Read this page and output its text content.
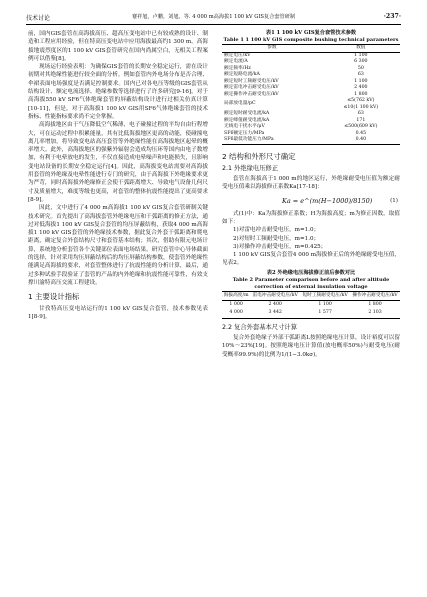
技术讨论	蹇祥旭，卢鹏，刘旭，等. 4 000 m高海拔1 100 kV GIS复合套管研制	·237·

前，国内GIS套管在高海拔高压、超高压变电站中已有较成熟的设计、制造和工程应用经验，但在特高压变电站中应用海拔最高约1 300 m。高海拔地震烈度区的1 100 kV GIS套管研究在国内尚属空白，无相关工程案例可以借鉴[8]。

现场运行经验表明：为确保GIS套管的长期安全稳定运行，需在设计初期对其绝缘性能进行较全面的分析。例如套管内外电场分布是否合理、伞裙表面电场强度是否满足控制要求。国内已对各电压等级的GIS套管从结构设计、额定电流选择、绝缘参数等选择进行了许多研究[9-16]，对于高海拔550 kV SF6气体绝缘套管的屏蔽结构设计进行过相关仿真计算[10-11]，但是，对于高海拔1 100 kV GIS用SF6气体绝缘套管的技术指标、性能指标要求尚不完全掌握。

高海拔地区由于气压降低空气稀薄，电子碰撞过程的平均自由行程增大，可在运动过程中积累能量，其有比低海拔地区更高的动能，使碰撞电离几率增加，将导致变电站高压套管等外绝缘性能在高海拔地区起晕的概率增大。此外，高海拔地区的强紫外辐射会造成均压环等国内由电子数增加，有利于电晕放电的发生，不仅直接造成电晕噪声和电能损失，且影响变电站设备的长期安全稳定运行[4]。因此，高海拔变电站需要对高海拔用套管的外绝缘及电晕性能进行专门的研究，由于高海拔下外绝缘要求更为严苛，同时高海拔外绝缘修正会使干弧距离增大、导致电气设备几何尺寸及质量增大，难度等级也更高，对套管的整体抗震性能提出了更高要求[8-9]。

因此，文中进行了4 000 m高海拔1 100 kV GIS复合套管研制关键技术研究。首先提出了高海拔套管外绝缘电压和干弧距离的修正方法，通过对低海拔1 100 kV GIS复合套管的均压屏蔽结构，获取4 000 m高海拔1 100 kV GIS套管的外绝缘技术参数，据此复合外套干弧距离和爬电距离，确定复合外套结构尺寸和套管基本结构；其次，借助有限元电场计算，系统地分析套管各个关键部位表面电场结果，研究套管中心导体截面的选择，针对采用均压屏蔽结构后的均压屏蔽结构参数，使套管外绝缘性能满足高海拔的要求，对套管整体进行了抗震性能的分析计算，最后，通过多种试验手段验证了套管的产品的内外绝缘和抗震性能可靠性，有效支撑川渝特高压交流工程建设。

1 主要设计指标

甘孜特高压变电站运行的1 100 kV GIS复合套管，技术参数见表1[8-9]。

表1 1 100 kV GIS复合套管技术参数

Table 1 1 100 kV GIS composite bushing technical parameters

参数	数值
额定电压/kV	1 100
额定电流/A	6 300
额定频率/Hz	50
额定短路电流/kA	63
额定短时工频耐受电压/kV	1 100
额定雷电冲击耐受电压/kV	2 400
额定操作冲击耐受电压/kV	1 800
局部放电量/pC	≤5(762 kV)
≤10(1 100 kV)
额定短时耐受电流/kA	63
额定峰值耐受电流/kA	171
无线电干扰水平/μV	≤500(609 kV)
SF6额定压力/MPa	0.45
SF6最低功能压力/MPa	0.40
2 结构和外形尺寸确定
2.1 外绝缘电压修正

套管在海拔高于1 000 m的地区运行，外绝缘耐受电压值为额定耐受电压值乘以海拔修正系数Ka[17-18]：

Ka = e^(m(H−1000)/8150)	(1)

式(1)中：Ka为海拔修正系数；H为海拔高度；m为修正因数，取值如下：

1)对雷电冲击耐受电压，m=1.0；

2)对短时工频耐受电压，m=1.0；

3)对操作冲击耐受电压，m=0.425；

1 100 kV GIS复合套管4 000 m海拔修正后的外绝缘耐受电压值，见表2。

表2 外绝缘电压海拔修正前后参数对比

Table 2 Parameter comparison before and after altitude correction of external insulation voltage

海拔高度/m	雷电冲击耐受电压/kV	短时工频耐受电压/kV	操作冲击耐受电压/kV
1 000	2 400	1 100	1 800
4 000	3 442	1 577	2 103
2.2 复合外套基本尺寸计算

复合外套绝缘子外部干弧距离L按照绝缘电压计算，设计裕度可以留10%～23%[19]。按照绝缘电压计算值(放电概率50%)与耐受电压(耐受概率99.9%)的比例为1/(1−3.0kσ)。
